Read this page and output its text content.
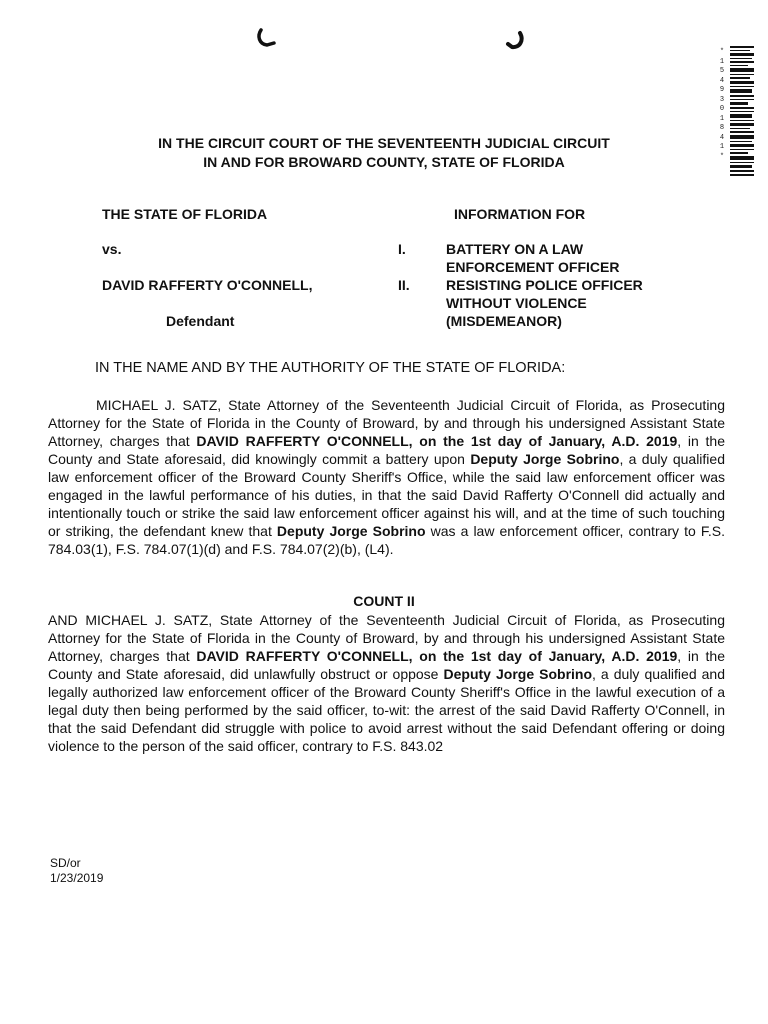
*1549301841*
IN THE CIRCUIT COURT OF THE SEVENTEENTH JUDICIAL CIRCUIT
IN AND FOR BROWARD COUNTY, STATE OF FLORIDA
THE STATE OF FLORIDA
vs.
DAVID RAFFERTY O'CONNELL,
Defendant
INFORMATION FOR
I.
II.
BATTERY ON A LAW
ENFORCEMENT OFFICER
RESISTING POLICE OFFICER
WITHOUT VIOLENCE
(MISDEMEANOR)
IN THE NAME AND BY THE AUTHORITY OF THE STATE OF FLORIDA:
MICHAEL J. SATZ, State Attorney of the Seventeenth Judicial Circuit of Florida, as Prosecuting Attorney for the State of Florida in the County of Broward, by and through his undersigned Assistant State Attorney, charges that DAVID RAFFERTY O'CONNELL, on the 1st day of January, A.D. 2019, in the County and State aforesaid, did knowingly commit a battery upon Deputy Jorge Sobrino, a duly qualified law enforcement officer of the Broward County Sheriff's Office, while the said law enforcement officer was engaged in the lawful performance of his duties, in that the said David Rafferty O'Connell did actually and intentionally touch or strike the said law enforcement officer against his will, and at the time of such touching or striking, the defendant knew that Deputy Jorge Sobrino was a law enforcement officer, contrary to F.S. 784.03(1), F.S. 784.07(1)(d) and F.S. 784.07(2)(b), (L4).
COUNT II
AND MICHAEL J. SATZ, State Attorney of the Seventeenth Judicial Circuit of Florida, as Prosecuting Attorney for the State of Florida in the County of Broward, by and through his undersigned Assistant State Attorney, charges that DAVID RAFFERTY O'CONNELL, on the 1st day of January, A.D. 2019, in the County and State aforesaid, did unlawfully obstruct or oppose Deputy Jorge Sobrino, a duly qualified and legally authorized law enforcement officer of the Broward County Sheriff's Office in the lawful execution of a legal duty then being performed by the said officer, to-wit: the arrest of the said David Rafferty O'Connell, in that the said Defendant did struggle with police to avoid arrest without the said Defendant offering or doing violence to the person of the said officer, contrary to F.S. 843.02
SD/or
1/23/2019
